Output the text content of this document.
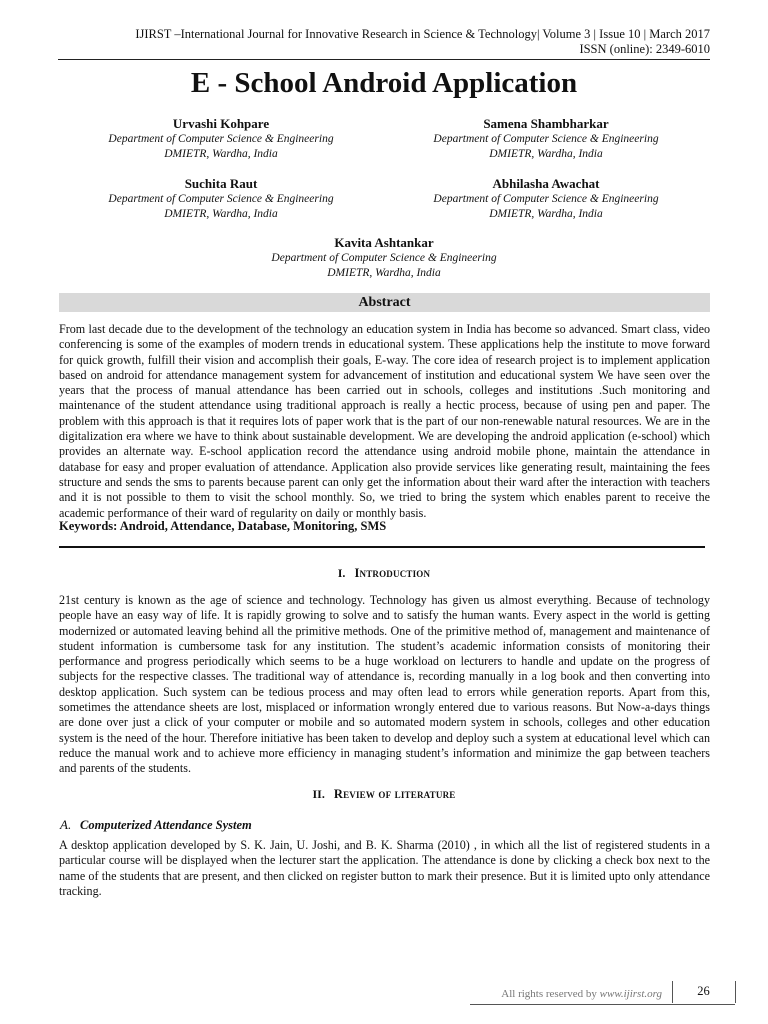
IJIRST –International Journal for Innovative Research in Science & Technology| Volume 3 | Issue 10 | March 2017
ISSN (online): 2349-6010
E - School Android Application
Urvashi Kohpare
Department of Computer Science & Engineering
DMIETR, Wardha, India
Samena Shambharkar
Department of Computer Science & Engineering
DMIETR, Wardha, India
Suchita Raut
Department of Computer Science & Engineering
DMIETR, Wardha, India
Abhilasha Awachat
Department of Computer Science & Engineering
DMIETR, Wardha, India
Kavita Ashtankar
Department of Computer Science & Engineering
DMIETR, Wardha, India
Abstract
From last decade due to the development of the technology an education system in India has become so advanced. Smart class, video conferencing is some of the examples of modern trends in educational system. These applications help the institute to move forward for quick growth, fulfill their vision and accomplish their goals, E-way. The core idea of research project is to implement application based on android for attendance management system for advancement of institution and educational system We have seen over the years that the process of manual attendance has been carried out in schools, colleges and institutions .Such monitoring and maintenance of the student attendance using traditional approach is really a hectic process, because of using pen and paper. The problem with this approach is that it requires lots of paper work that is the part of our non-renewable natural resources. We are in the digitalization era where we have to think about sustainable development. We are developing the android application (e-school) which provides an alternate way. E-school application record the attendance using android mobile phone, maintain the attendance in database for easy and proper evaluation of attendance. Application also provide services like generating result, maintaining the fees structure and sends the sms to parents because parent can only get the information about their ward after the interaction with teachers and it is not possible to them to visit the school monthly. So, we tried to bring the system which enables parent to receive the academic performance of their ward of regularity on daily or monthly basis.
Keywords: Android, Attendance, Database, Monitoring, SMS
I. Introduction
21st century is known as the age of science and technology. Technology has given us almost everything. Because of technology people have an easy way of life. It is rapidly growing to solve and to satisfy the human wants. Every aspect in the world is getting modernized or automated leaving behind all the primitive methods. One of the primitive method of, management and maintenance of student information is cumbersome task for any institution. The student’s academic information consists of monitoring their performance and progress periodically which seems to be a huge workload on lecturers to handle and update on the progress of subjects for the respective classes. The traditional way of attendance is, recording manually in a log book and then converting into desktop application. Such system can be tedious process and may often lead to errors while generation reports. Apart from this, sometimes the attendance sheets are lost, misplaced or information wrongly entered due to various reasons. But Now-a-days things are done over just a click of your computer or mobile and so automated modern system in schools, colleges and other education system is the need of the hour. Therefore initiative has been taken to develop and deploy such a system at educational level which can reduce the manual work and to achieve more efficiency in managing student’s information and minimize the gap between teachers and parents of the students.
II. Review of literature
A. Computerized Attendance System
A desktop application developed by S. K. Jain, U. Joshi, and B. K. Sharma (2010) , in which all the list of registered students in a particular course will be displayed when the lecturer start the application. The attendance is done by clicking a check box next to the name of the students that are present, and then clicked on register button to mark their presence. But it is limited upto only attendance tracking.
All rights reserved by www.ijirst.org	26
